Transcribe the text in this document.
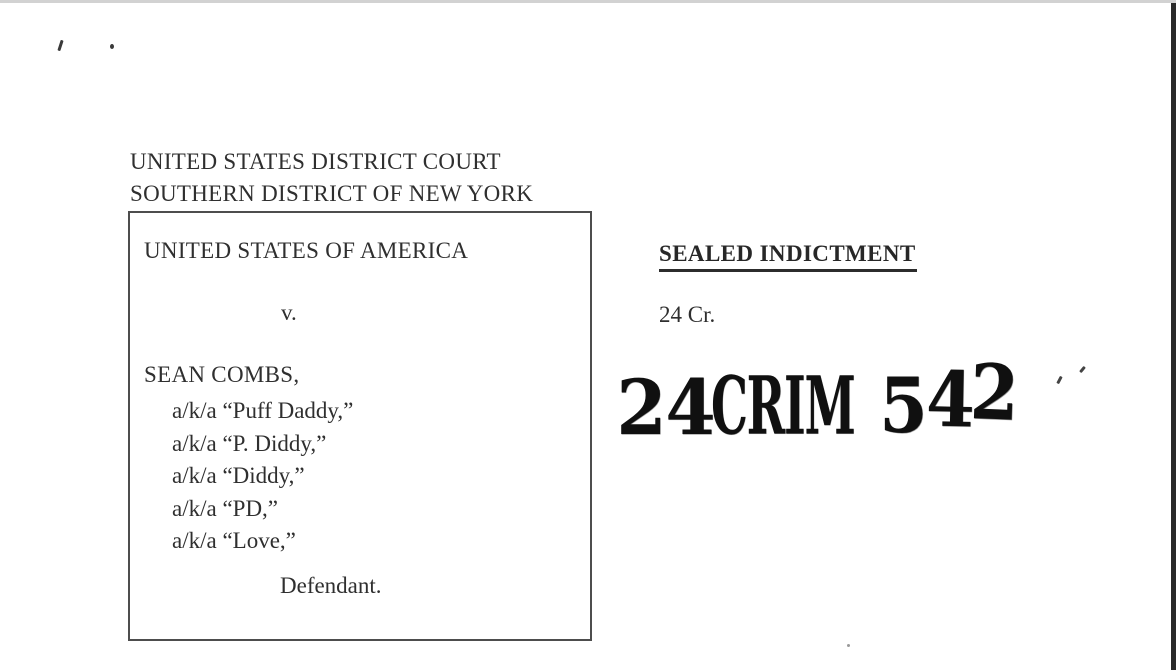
UNITED STATES DISTRICT COURT
SOUTHERN DISTRICT OF NEW YORK
UNITED STATES OF AMERICA
v.
SEAN COMBS,
a/k/a “Puff Daddy,”
a/k/a “P. Diddy,”
a/k/a “Diddy,”
a/k/a “PD,”
a/k/a “Love,”
Defendant.
SEALED INDICTMENT
24 Cr.
2
4
CRIM 5
4
2
